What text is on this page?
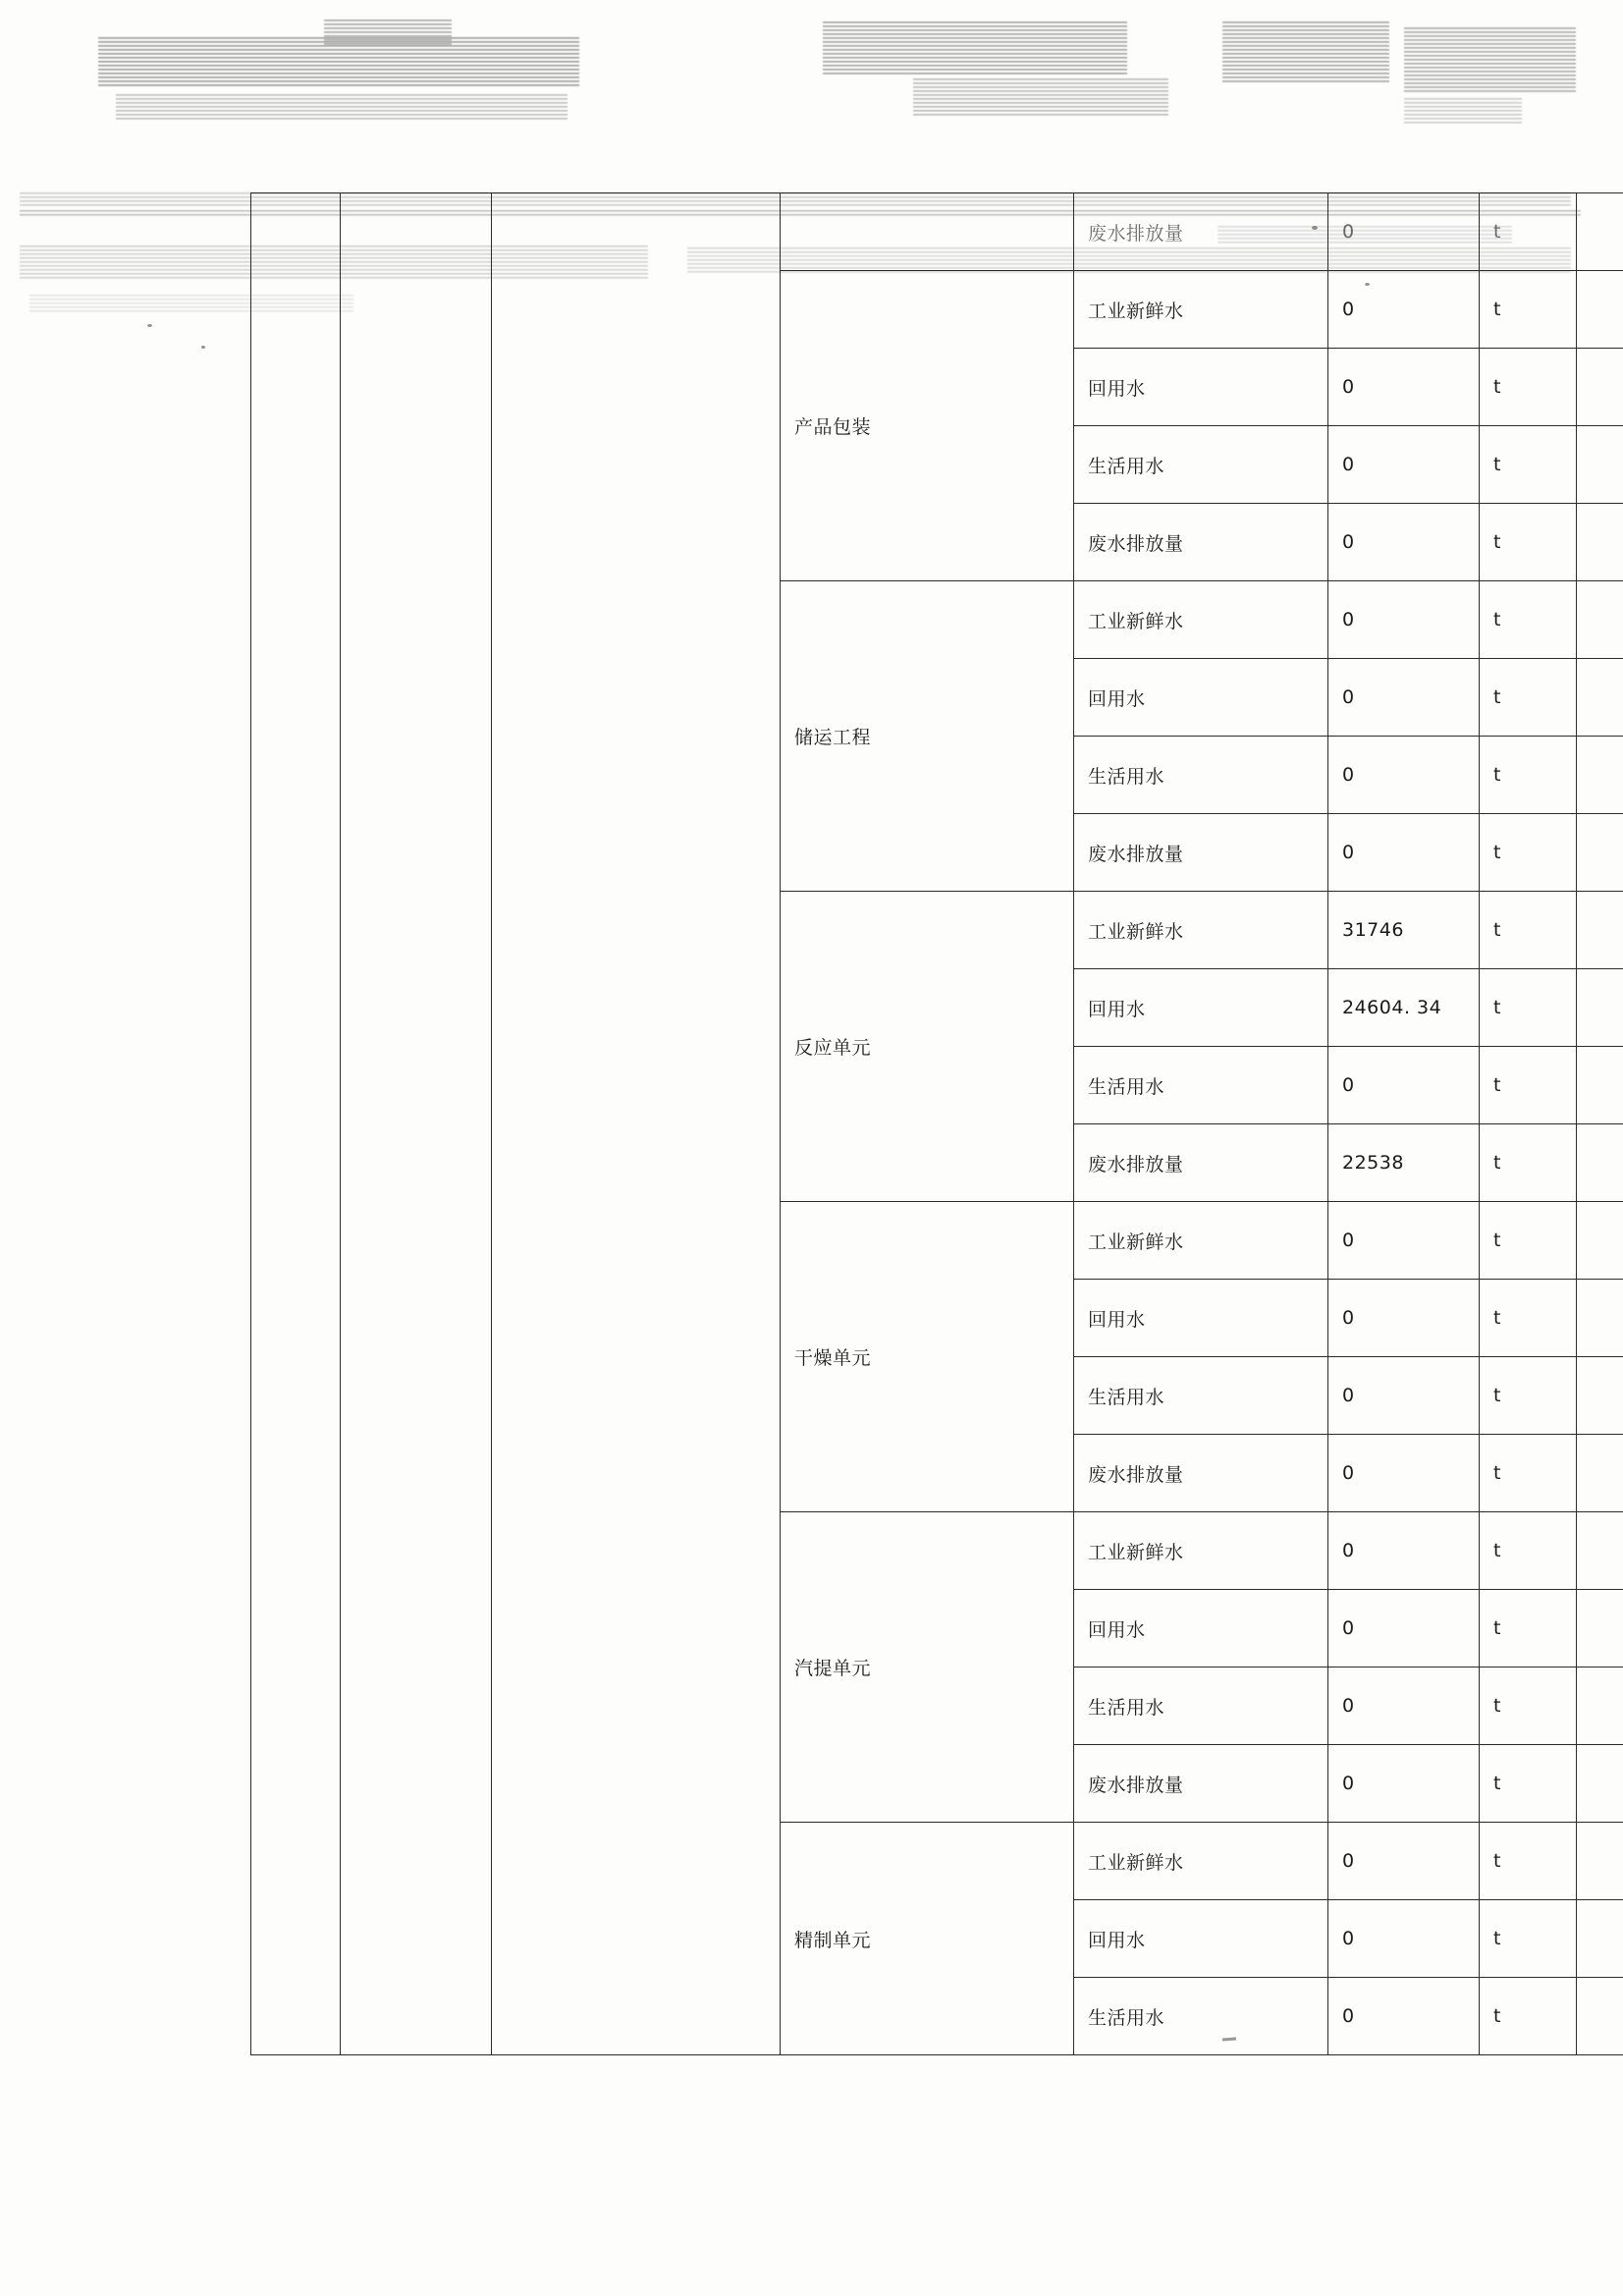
				废水排放量	0	t	
			产品包装	工业新鲜水	0	t	
				回用水	0	t	
				生活用水	0	t	
				废水排放量	0	t	
			储运工程	工业新鲜水	0	t	
				回用水	0	t	
				生活用水	0	t	
				废水排放量	0	t	
			反应单元	工业新鲜水	31746	t	
				回用水	24604. 34	t	
				生活用水	0	t	
				废水排放量	22538	t	
			干燥单元	工业新鲜水	0	t	
				回用水	0	t	
				生活用水	0	t	
				废水排放量	0	t	
			汽提单元	工业新鲜水	0	t	
				回用水	0	t	
				生活用水	0	t	
				废水排放量	0	t	
			精制单元	工业新鲜水	0	t	
				回用水	0	t	
				生活用水	0	t	
